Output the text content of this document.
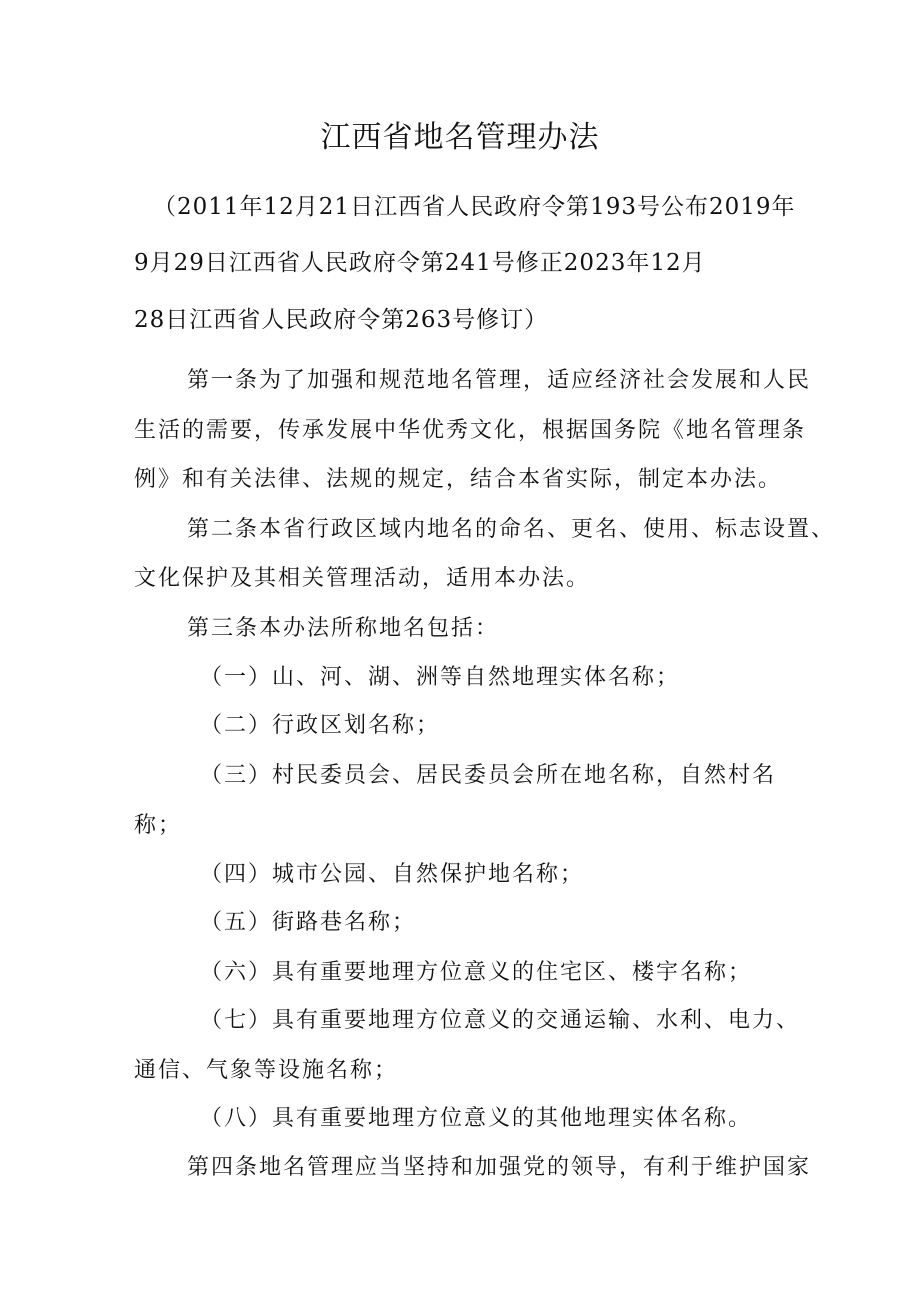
江西省地名管理办法

（2011年12月21日江西省人民政府令第193号公布2019年

9月29日江西省人民政府令第241号修正2023年12月

28日江西省人民政府令第263号修订）

第一条为了加强和规范地名管理，适应经济社会发展和人民

生活的需要，传承发展中华优秀文化，根据国务院《地名管理条

例》和有关法律、法规的规定，结合本省实际，制定本办法。

第二条本省行政区域内地名的命名、更名、使用、标志设置、

文化保护及其相关管理活动，适用本办法。

第三条本办法所称地名包括：

（一）山、河、湖、洲等自然地理实体名称；

（二）行政区划名称；

（三）村民委员会、居民委员会所在地名称，自然村名

称；

（四）城市公园、自然保护地名称；

（五）街路巷名称；

（六）具有重要地理方位意义的住宅区、楼宇名称；

（七）具有重要地理方位意义的交通运输、水利、电力、

通信、气象等设施名称；

（八）具有重要地理方位意义的其他地理实体名称。

第四条地名管理应当坚持和加强党的领导，有利于维护国家
